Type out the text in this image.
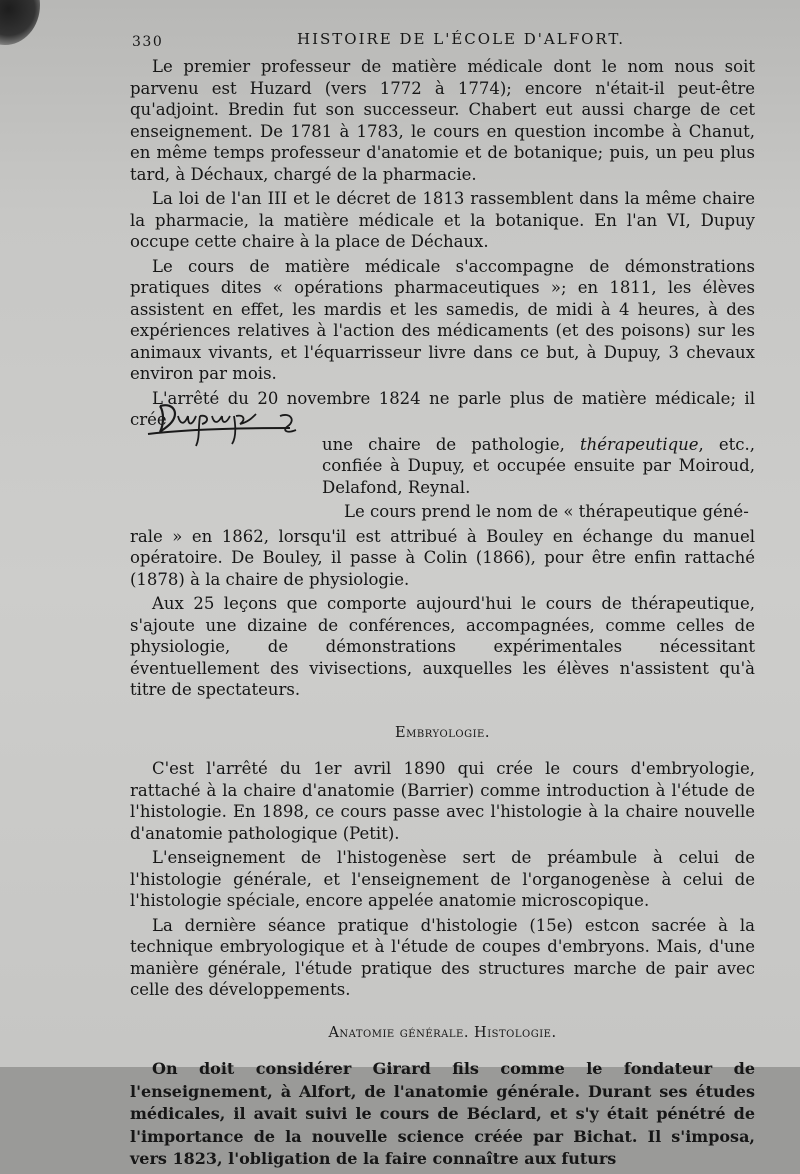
330	HISTOIRE DE L'ÉCOLE D'ALFORT.

Le premier professeur de matière médicale dont le nom nous soit parvenu est Huzard (vers 1772 à 1774); encore n'était-il peut-être qu'adjoint. Bredin fut son successeur. Chabert eut aussi charge de cet enseignement. De 1781 à 1783, le cours en question incombe à Chanut, en même temps professeur d'anatomie et de botanique; puis, un peu plus tard, à Déchaux, chargé de la pharmacie.

La loi de l'an III et le décret de 1813 rassemblent dans la même chaire la pharmacie, la matière médicale et la botanique. En l'an VI, Dupuy occupe cette chaire à la place de Déchaux.

Le cours de matière médicale s'accompagne de démonstrations pratiques dites « opérations pharmaceutiques »; en 1811, les élèves assistent en effet, les mardis et les samedis, de midi à 4 heures, à des expériences relatives à l'action des médicaments (et des poisons) sur les animaux vivants, et l'équarrisseur livre dans ce but, à Dupuy, 3 chevaux environ par mois.

L'arrêté du 20 novembre 1824 ne parle plus de matière médicale; il crée

une chaire de pathologie, thérapeutique, etc., confiée à Dupuy, et occupée ensuite par Moiroud, Delafond, Reynal.

Le cours prend le nom de « thérapeutique géné-

rale » en 1862, lorsqu'il est attribué à Bouley en échange du manuel opératoire. De Bouley, il passe à Colin (1866), pour être enfin rattaché (1878) à la chaire de physiologie.

Aux 25 leçons que comporte aujourd'hui le cours de thérapeutique, s'ajoute une dizaine de conférences, accompagnées, comme celles de physiologie, de démonstrations expérimentales nécessitant éventuellement des vivisections, auxquelles les élèves n'assistent qu'à titre de spectateurs.

Embryologie.

C'est l'arrêté du 1er avril 1890 qui crée le cours d'embryologie, rattaché à la chaire d'anatomie (Barrier) comme introduction à l'étude de l'histologie. En 1898, ce cours passe avec l'histologie à la chaire nouvelle d'anatomie pathologique (Petit).

L'enseignement de l'histogenèse sert de préambule à celui de l'histologie générale, et l'enseignement de l'organogenèse à celui de l'histologie spéciale, encore appelée anatomie microscopique.

La dernière séance pratique d'histologie (15e) estcon sacrée à la technique embryologique et à l'étude de coupes d'embryons. Mais, d'une manière générale, l'étude pratique des structures marche de pair avec celle des développements.

Anatomie générale. Histologie.

On doit considérer Girard fils comme le fondateur de l'enseignement, à Alfort, de l'anatomie générale. Durant ses études médicales, il avait suivi le cours de Béclard, et s'y était pénétré de l'importance de la nouvelle science créée par Bichat. Il s'imposa, vers 1823, l'obligation de la faire connaître aux futurs
